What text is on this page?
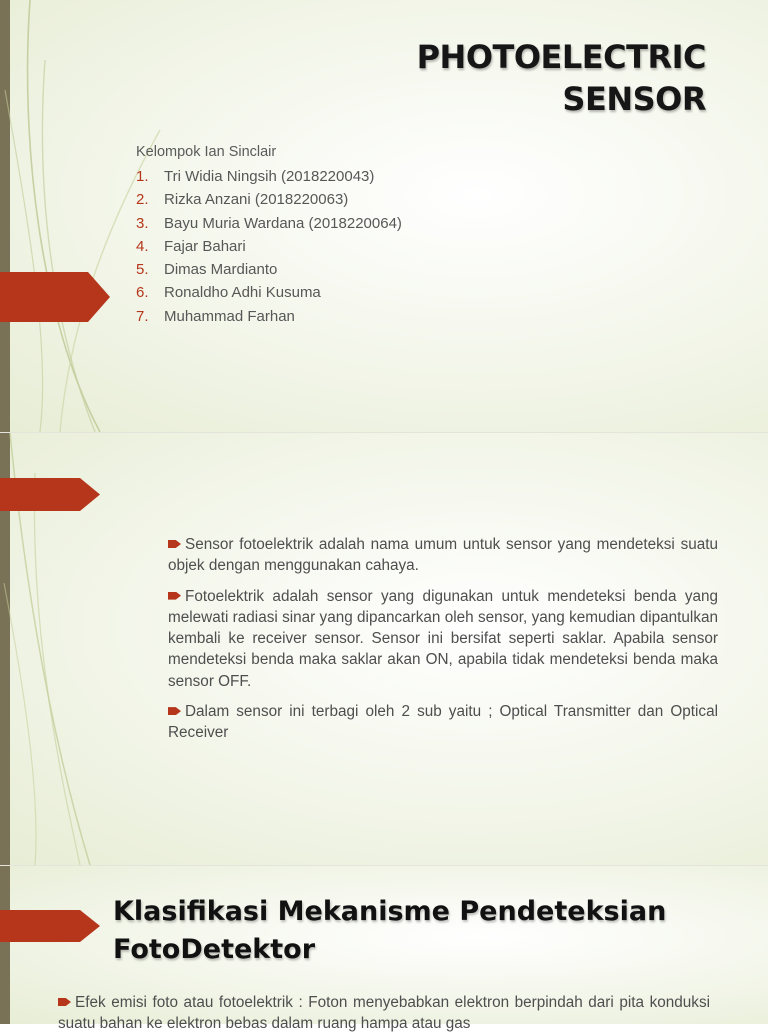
PHOTOELECTRIC
SENSOR
Kelompok Ian Sinclair
1. Tri Widia Ningsih (2018220043)
2. Rizka Anzani (2018220063)
3. Bayu Muria Wardana (2018220064)
4. Fajar Bahari
5. Dimas Mardianto
6. Ronaldho Adhi Kusuma
7. Muhammad Farhan

Sensor fotoelektrik adalah nama umum untuk sensor yang mendeteksi suatu objek dengan menggunakan cahaya.

Fotoelektrik adalah sensor yang digunakan untuk mendeteksi benda yang melewati radiasi sinar yang dipancarkan oleh sensor, yang kemudian dipantulkan kembali ke receiver sensor. Sensor ini bersifat seperti saklar. Apabila sensor mendeteksi benda maka saklar akan ON, apabila tidak mendeteksi benda maka sensor OFF.

Dalam sensor ini terbagi oleh 2 sub yaitu ; Optical Transmitter dan Optical Receiver

Klasifikasi Mekanisme Pendeteksian
FotoDetektor

Efek emisi foto atau fotoelektrik : Foton menyebabkan elektron berpindah dari pita konduksi suatu bahan ke elektron bebas dalam ruang hampa atau gas
